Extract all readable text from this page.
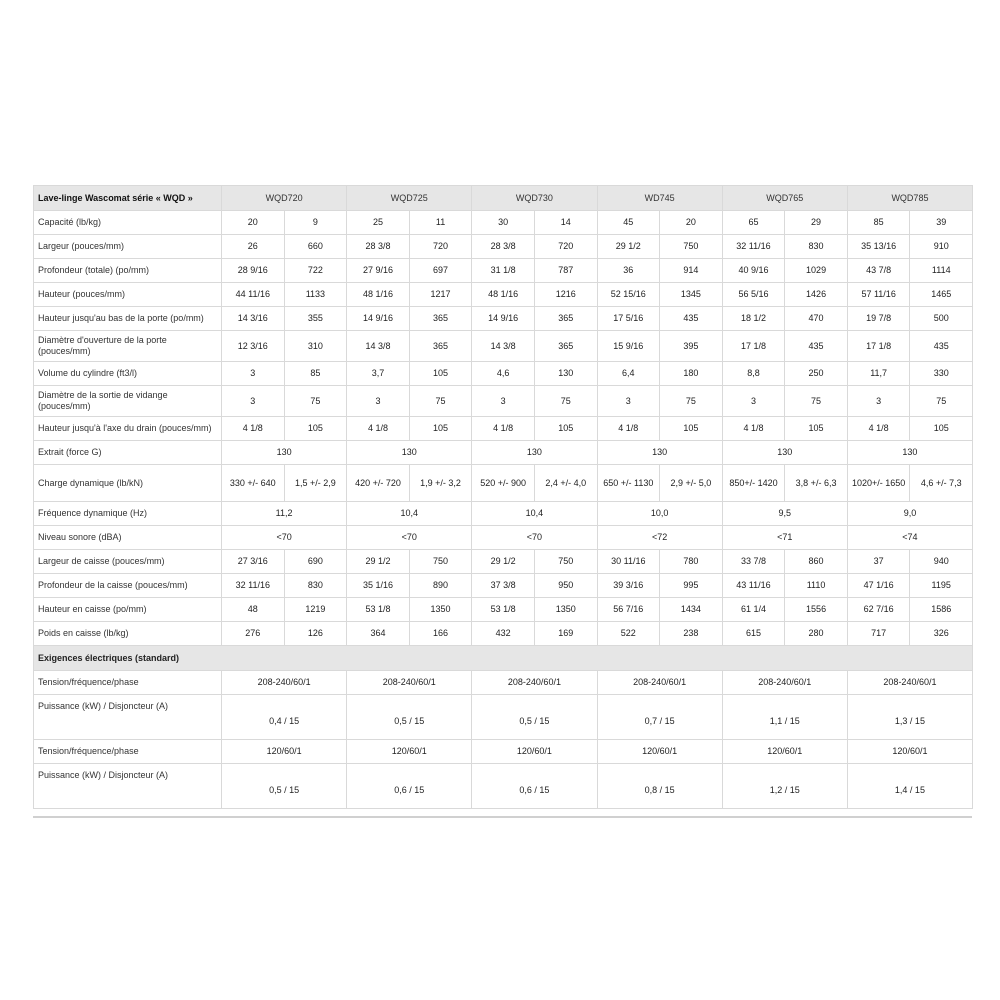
Lave-linge Wascomat série « WQD »	WQD720		WQD725		WQD730		WD745		WQD765		WQD785	
Capacité (lb/kg)	20	9	25	11	30	14	45	20	65	29	85	39
Largeur (pouces/mm)	26	660	28 3/8	720	28 3/8	720	29 1/2	750	32 11/16	830	35 13/16	910
Profondeur (totale) (po/mm)	28 9/16	722	27 9/16	697	31 1/8	787	36	914	40 9/16	1029	43 7/8	1114
Hauteur (pouces/mm)	44 11/16	1133	48 1/16	1217	48 1/16	1216	52 15/16	1345	56 5/16	1426	57 11/16	1465
Hauteur jusqu'au bas de la porte (po/mm)	14 3/16	355	14 9/16	365	14 9/16	365	17 5/16	435	18 1/2	470	19 7/8	500
Diamètre d'ouverture de la porte (pouces/mm)	12 3/16	310	14 3/8	365	14 3/8	365	15 9/16	395	17 1/8	435	17 1/8	435
Volume du cylindre (ft3/l)	3	85	3,7	105	4,6	130	6,4	180	8,8	250	11,7	330
Diamètre de la sortie de vidange (pouces/mm)	3	75	3	75	3	75	3	75	3	75	3	75
Hauteur jusqu'à l'axe du drain (pouces/mm)	4 1/8	105	4 1/8	105	4 1/8	105	4 1/8	105	4 1/8	105	4 1/8	105
Extrait (force G)	130		130		130		130		130		130	
Charge dynamique (lb/kN)	330 +/- 640	1,5 +/- 2,9	420 +/- 720	1,9 +/- 3,2	520 +/- 900	2,4 +/- 4,0	650 +/- 1130	2,9 +/- 5,0	850+/- 1420	3,8 +/- 6,3	1020+/- 1650	4,6 +/- 7,3
Fréquence dynamique (Hz)	11,2		10,4		10,4		10,0		9,5		9,0	
Niveau sonore (dBA)	<70		<70		<70		<72		<71		<74	
Largeur de caisse (pouces/mm)	27 3/16	690	29 1/2	750	29 1/2	750	30 11/16	780	33 7/8	860	37	940
Profondeur de la caisse (pouces/mm)	32 11/16	830	35 1/16	890	37 3/8	950	39 3/16	995	43 11/16	1110	47 1/16	1195
Hauteur en caisse (po/mm)	48	1219	53 1/8	1350	53 1/8	1350	56 7/16	1434	61 1/4	1556	62 7/16	1586
Poids en caisse (lb/kg)	276	126	364	166	432	169	522	238	615	280	717	326
Exigences électriques (standard)												
Tension/fréquence/phase	208-240/60/1		208-240/60/1		208-240/60/1		208-240/60/1		208-240/60/1		208-240/60/1	
Puissance (kW) / Disjoncteur (A)	0,4 / 15		0,5 / 15		0,5 / 15		0,7 / 15		1,1 / 15		1,3 / 15	
Tension/fréquence/phase	120/60/1		120/60/1		120/60/1		120/60/1		120/60/1		120/60/1	
Puissance (kW) / Disjoncteur (A)	0,5 / 15		0,6 / 15		0,6 / 15		0,8 / 15		1,2 / 15		1,4 / 15	
